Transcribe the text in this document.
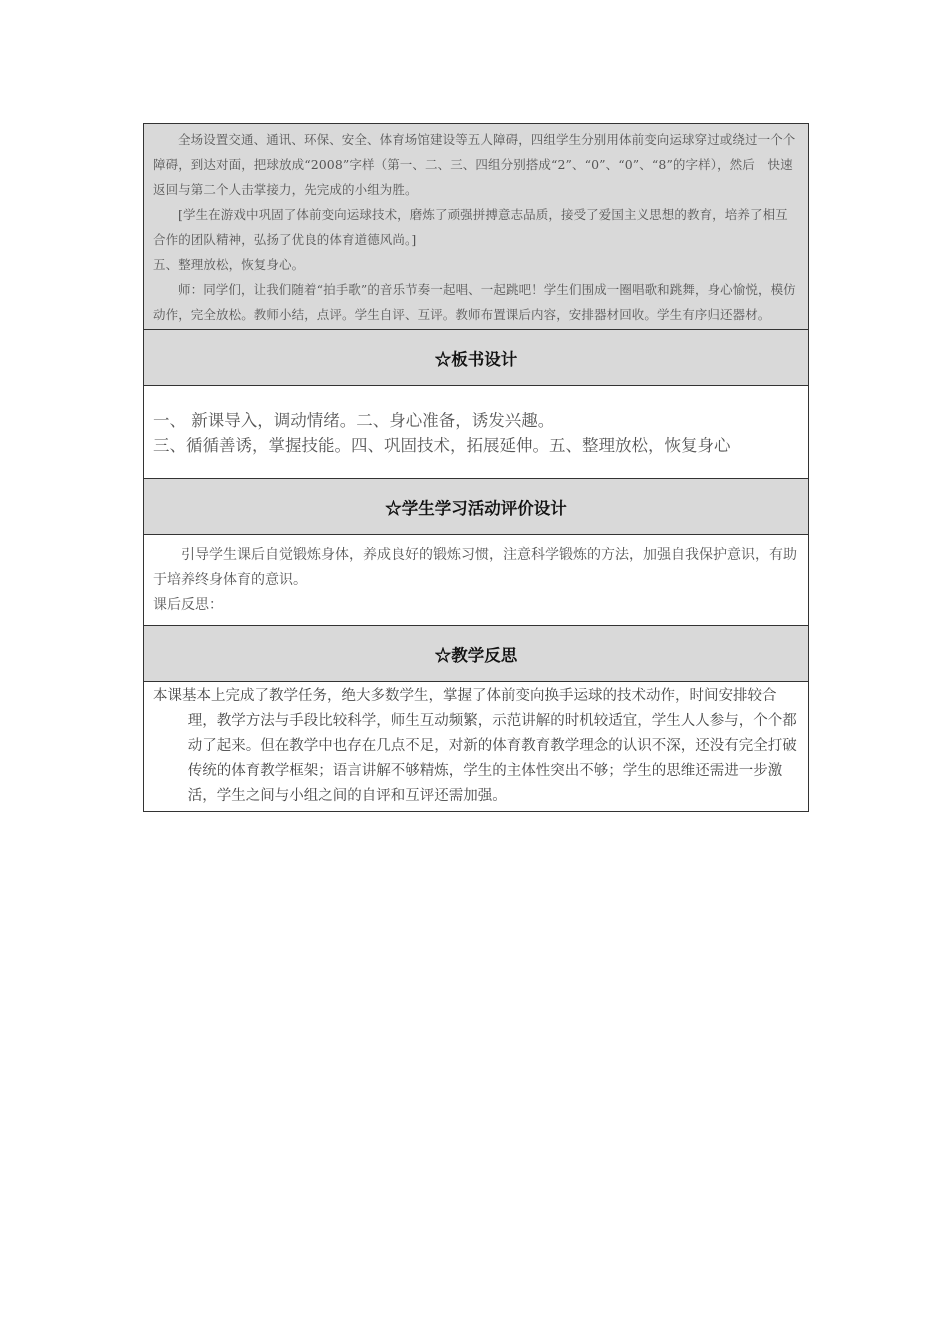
全场设置交通、通讯、环保、安全、体育场馆建设等五人障碍，四组学生分别用体前变向运球穿过或绕过一个个障碍，到达对面，把球放成“2008”字样（第一、二、三、四组分别搭成“2”、“0”、“0”、“8”的字样），然后　快速返回与第二个人击掌接力，先完成的小组为胜。

[学生在游戏中巩固了体前变向运球技术，磨炼了顽强拼搏意志品质，接受了爱国主义思想的教育，培养了相互合作的团队精神，弘扬了优良的体育道德风尚。]

五、整理放松，恢复身心。

师：同学们，让我们随着“拍手歌”的音乐节奏一起唱、一起跳吧！学生们围成一圈唱歌和跳舞，身心愉悦，模仿动作，完全放松。教师小结，点评。学生自评、互评。教师布置课后内容，安排器材回收。学生有序归还器材。

☆板书设计

一、 新课导入，调动情绪。二、身心准备，诱发兴趣。

三、循循善诱，掌握技能。四、巩固技术，拓展延伸。五、整理放松，恢复身心

☆学生学习活动评价设计

引导学生课后自觉锻炼身体，养成良好的锻炼习惯，注意科学锻炼的方法，加强自我保护意识，有助于培养终身体育的意识。

课后反思：

☆教学反思

本课基本上完成了教学任务，绝大多数学生，掌握了体前变向换手运球的技术动作，时间安排较合理，教学方法与手段比较科学，师生互动频繁，示范讲解的时机较适宜，学生人人参与，个个都动了起来。但在教学中也存在几点不足，对新的体育教育教学理念的认识不深，还没有完全打破传统的体育教学框架；语言讲解不够精炼，学生的主体性突出不够；学生的思维还需进一步激活，学生之间与小组之间的自评和互评还需加强。
